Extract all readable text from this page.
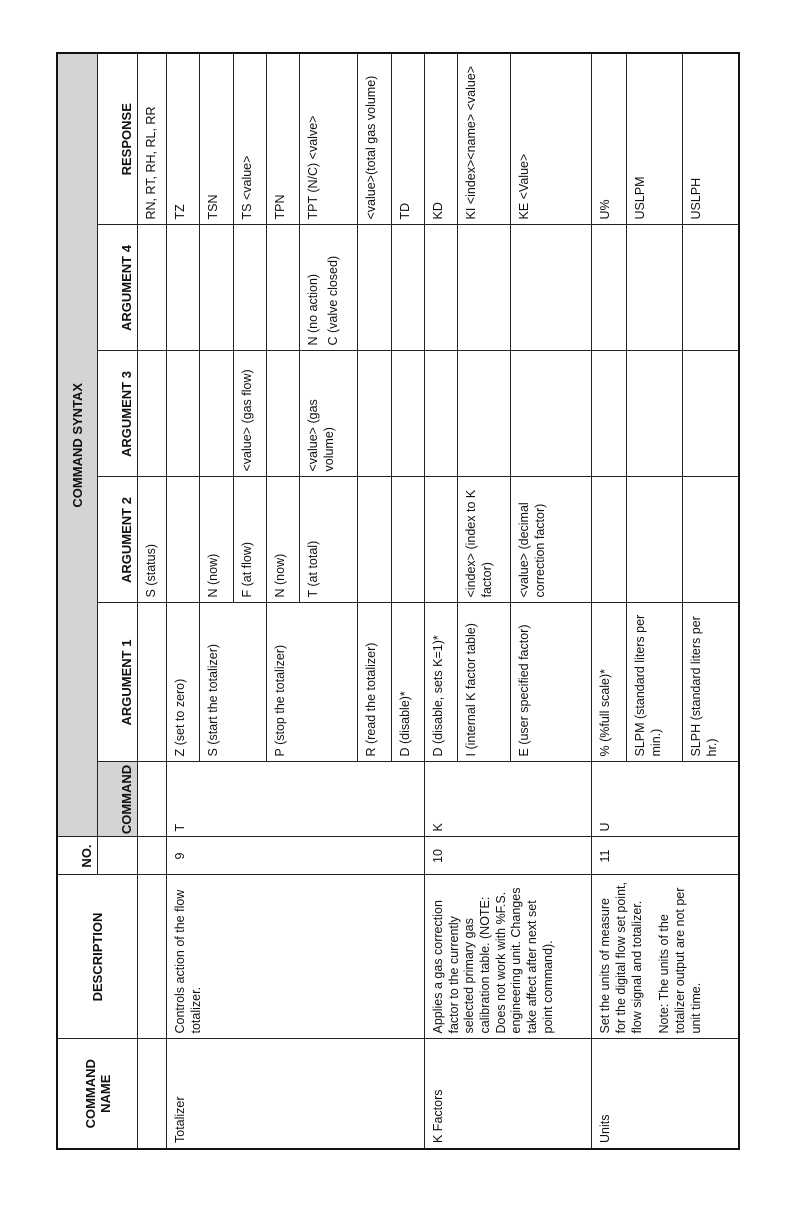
COMMAND NAME	DESCRIPTION	NO.	COMMAND SYNTAX					
			COMMAND	ARGUMENT 1	ARGUMENT 2	ARGUMENT 3	ARGUMENT 4	RESPONSE
					S (status)			RN, RT, RH, RL, RR
Totalizer	Controls action of the flow totalizer.	9	T	Z (set to zero)				TZ
				S (start the totalizer)	N (now)			TSN
					F (at flow)	<value> (gas flow)		TS <value>
				P (stop the totalizer)	N (now)			TPN
					T (at total)	<value> (gas volume)	N (no action) C (valve closed)	TPT (N/C) <valve>
				R (read the totalizer)				<value>(total gas volume)
				D (disable)*				TD
K Factors	Applies a gas correction factor to the currently selected primary gas calibration table. (NOTE: Does not work with %F.S. engineering unit. Changes take affect after next set point command).	10	K	D (disable, sets K=1)*				KD
				I (internal K factor table)	<index> (index to K factor)			KI <index><name> <value>
				E (user specified factor)	<value> (decimal correction factor)			KE <Value>
Units	Set the units of measure for the digital flow set point, flow signal and totalizer. Note: The units of the totalizer output are not per unit time.	11	U	% (%full scale)*				U%
				SLPM (standard liters per min.)				USLPM
				SLPH (standard liters per hr.)				USLPH
